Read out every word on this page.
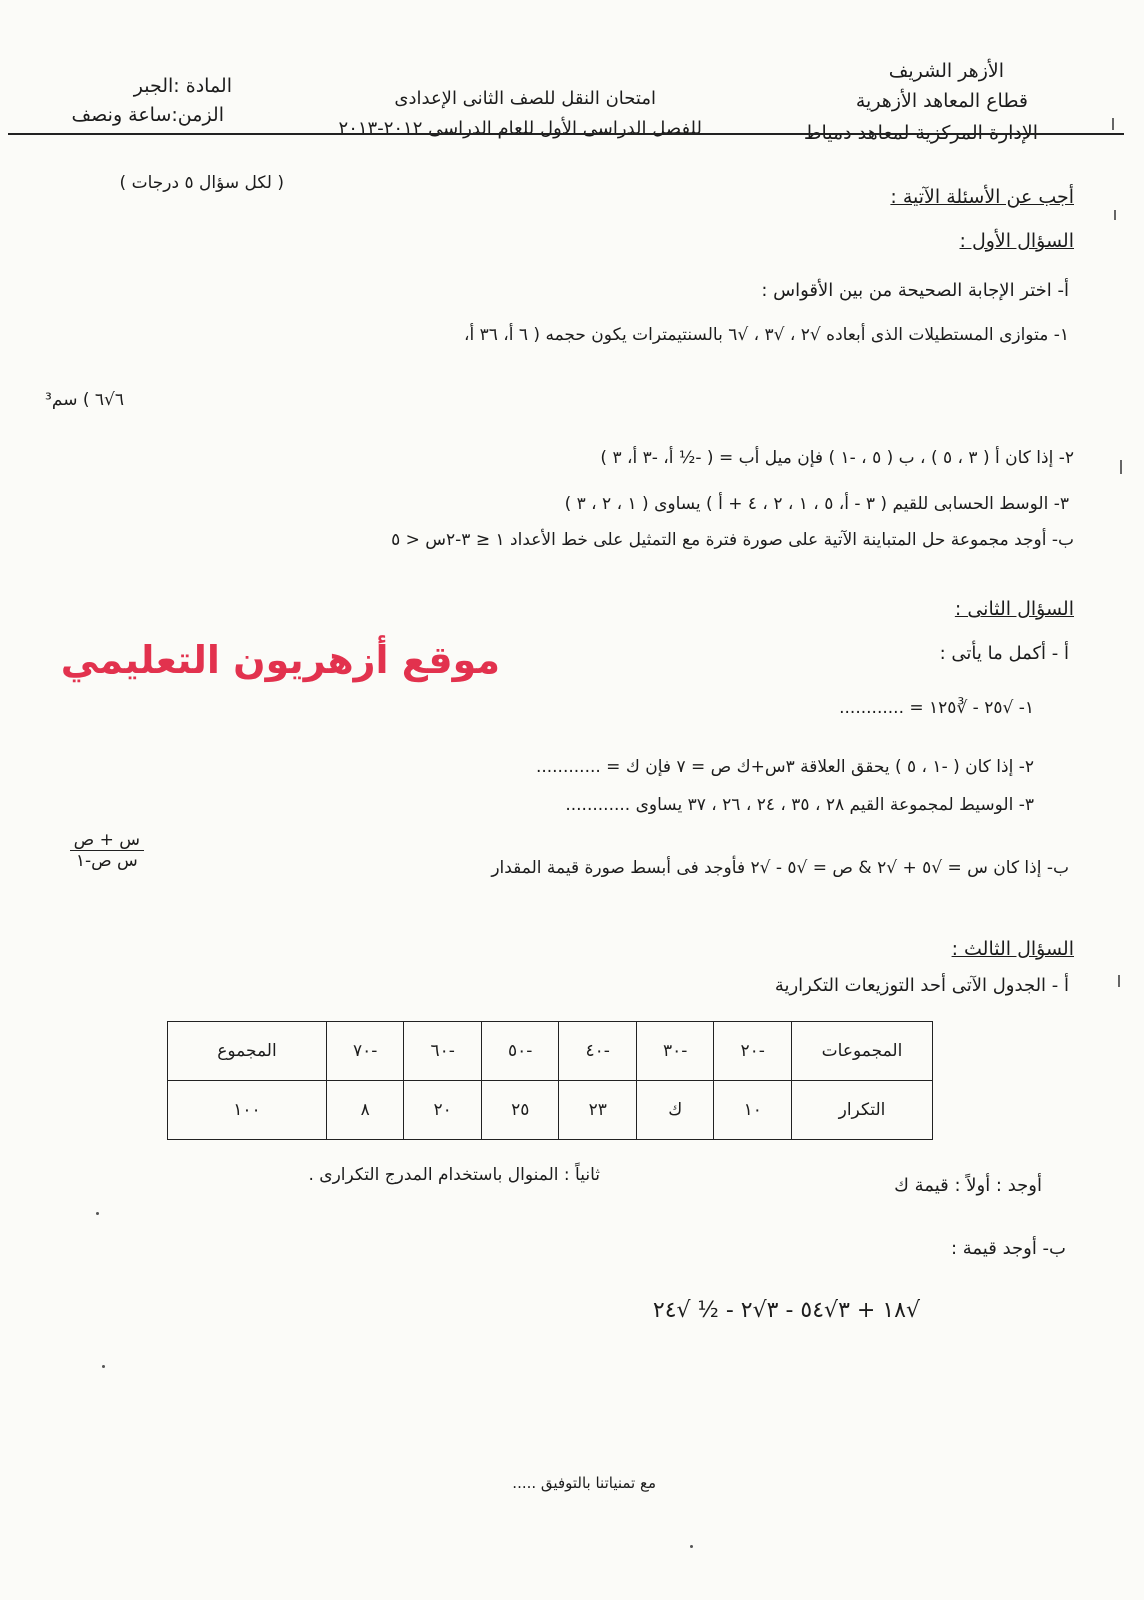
الأزهر الشريف
قطاع المعاهد الأزهرية
الإدارة المركزية لمعاهد دمياط
امتحان النقل للصف الثانى الإعدادى
للفصل الدراسى الأول للعام الدراسى ٢٠١٢-٢٠١٣
المادة :الجبر
الزمن:ساعة ونصف
( لكل سؤال ٥ درجات )
أجب عن الأسئلة الآتية :
السؤال الأول :
أ- اختر الإجابة الصحيحة من بين الأقواس :
١- متوازى المستطيلات الذى أبعاده √٢ ، √٣ ، √٦ بالسنتيمترات يكون حجمه ( ٦ أ، ٣٦ أ،
٦√٦ ) سم³
٢- إذا كان أ ( ٣ ، ٥ ) ، ب ( ٥ ، -١ ) فإن ميل أب = ( -½ أ، -٣ أ، ٣ )
٣- الوسط الحسابى للقيم ( ٣ - أ، ٥ ، ١ ، ٢ ، ٤ + أ ) يساوى ( ١ ، ٢ ، ٣ )
ب- أوجد مجموعة حل المتباينة الآتية على صورة فترة مع التمثيل على خط الأعداد ١ ≤ ٣-٢س < ٥
موقع أزهريون التعليمي
السؤال الثانى :
أ - أكمل ما يأتى :
١- √٢٥ - ∛١٢٥ = ............
٢- إذا كان ( -١ ، ٥ ) يحقق العلاقة ٣س+ك ص = ٧ فإن ك = ............
٣- الوسيط لمجموعة القيم ٢٨ ، ٣٥ ، ٢٤ ، ٢٦ ، ٣٧ يساوى ............
ب- إذا كان س = √٥ + √٢ & ص = √٥ - √٢ فأوجد فى أبسط صورة قيمة المقدار
س + ص
س ص-١
السؤال الثالث :
أ - الجدول الآتى أحد التوزيعات التكرارية
المجموعات	-٢٠	-٣٠	-٤٠	-٥٠	-٦٠	-٧٠	المجموع
التكرار	١٠	ك	٢٣	٢٥	٢٠	٨	١٠٠
أوجد : أولاً : قيمة ك
ثانياً : المنوال باستخدام المدرج التكرارى .
ب- أوجد قيمة :
√١٨ + ٣√٥٤ - ٣√٢ - ½ √٢٤
مع تمنياتنا بالتوفيق .....
